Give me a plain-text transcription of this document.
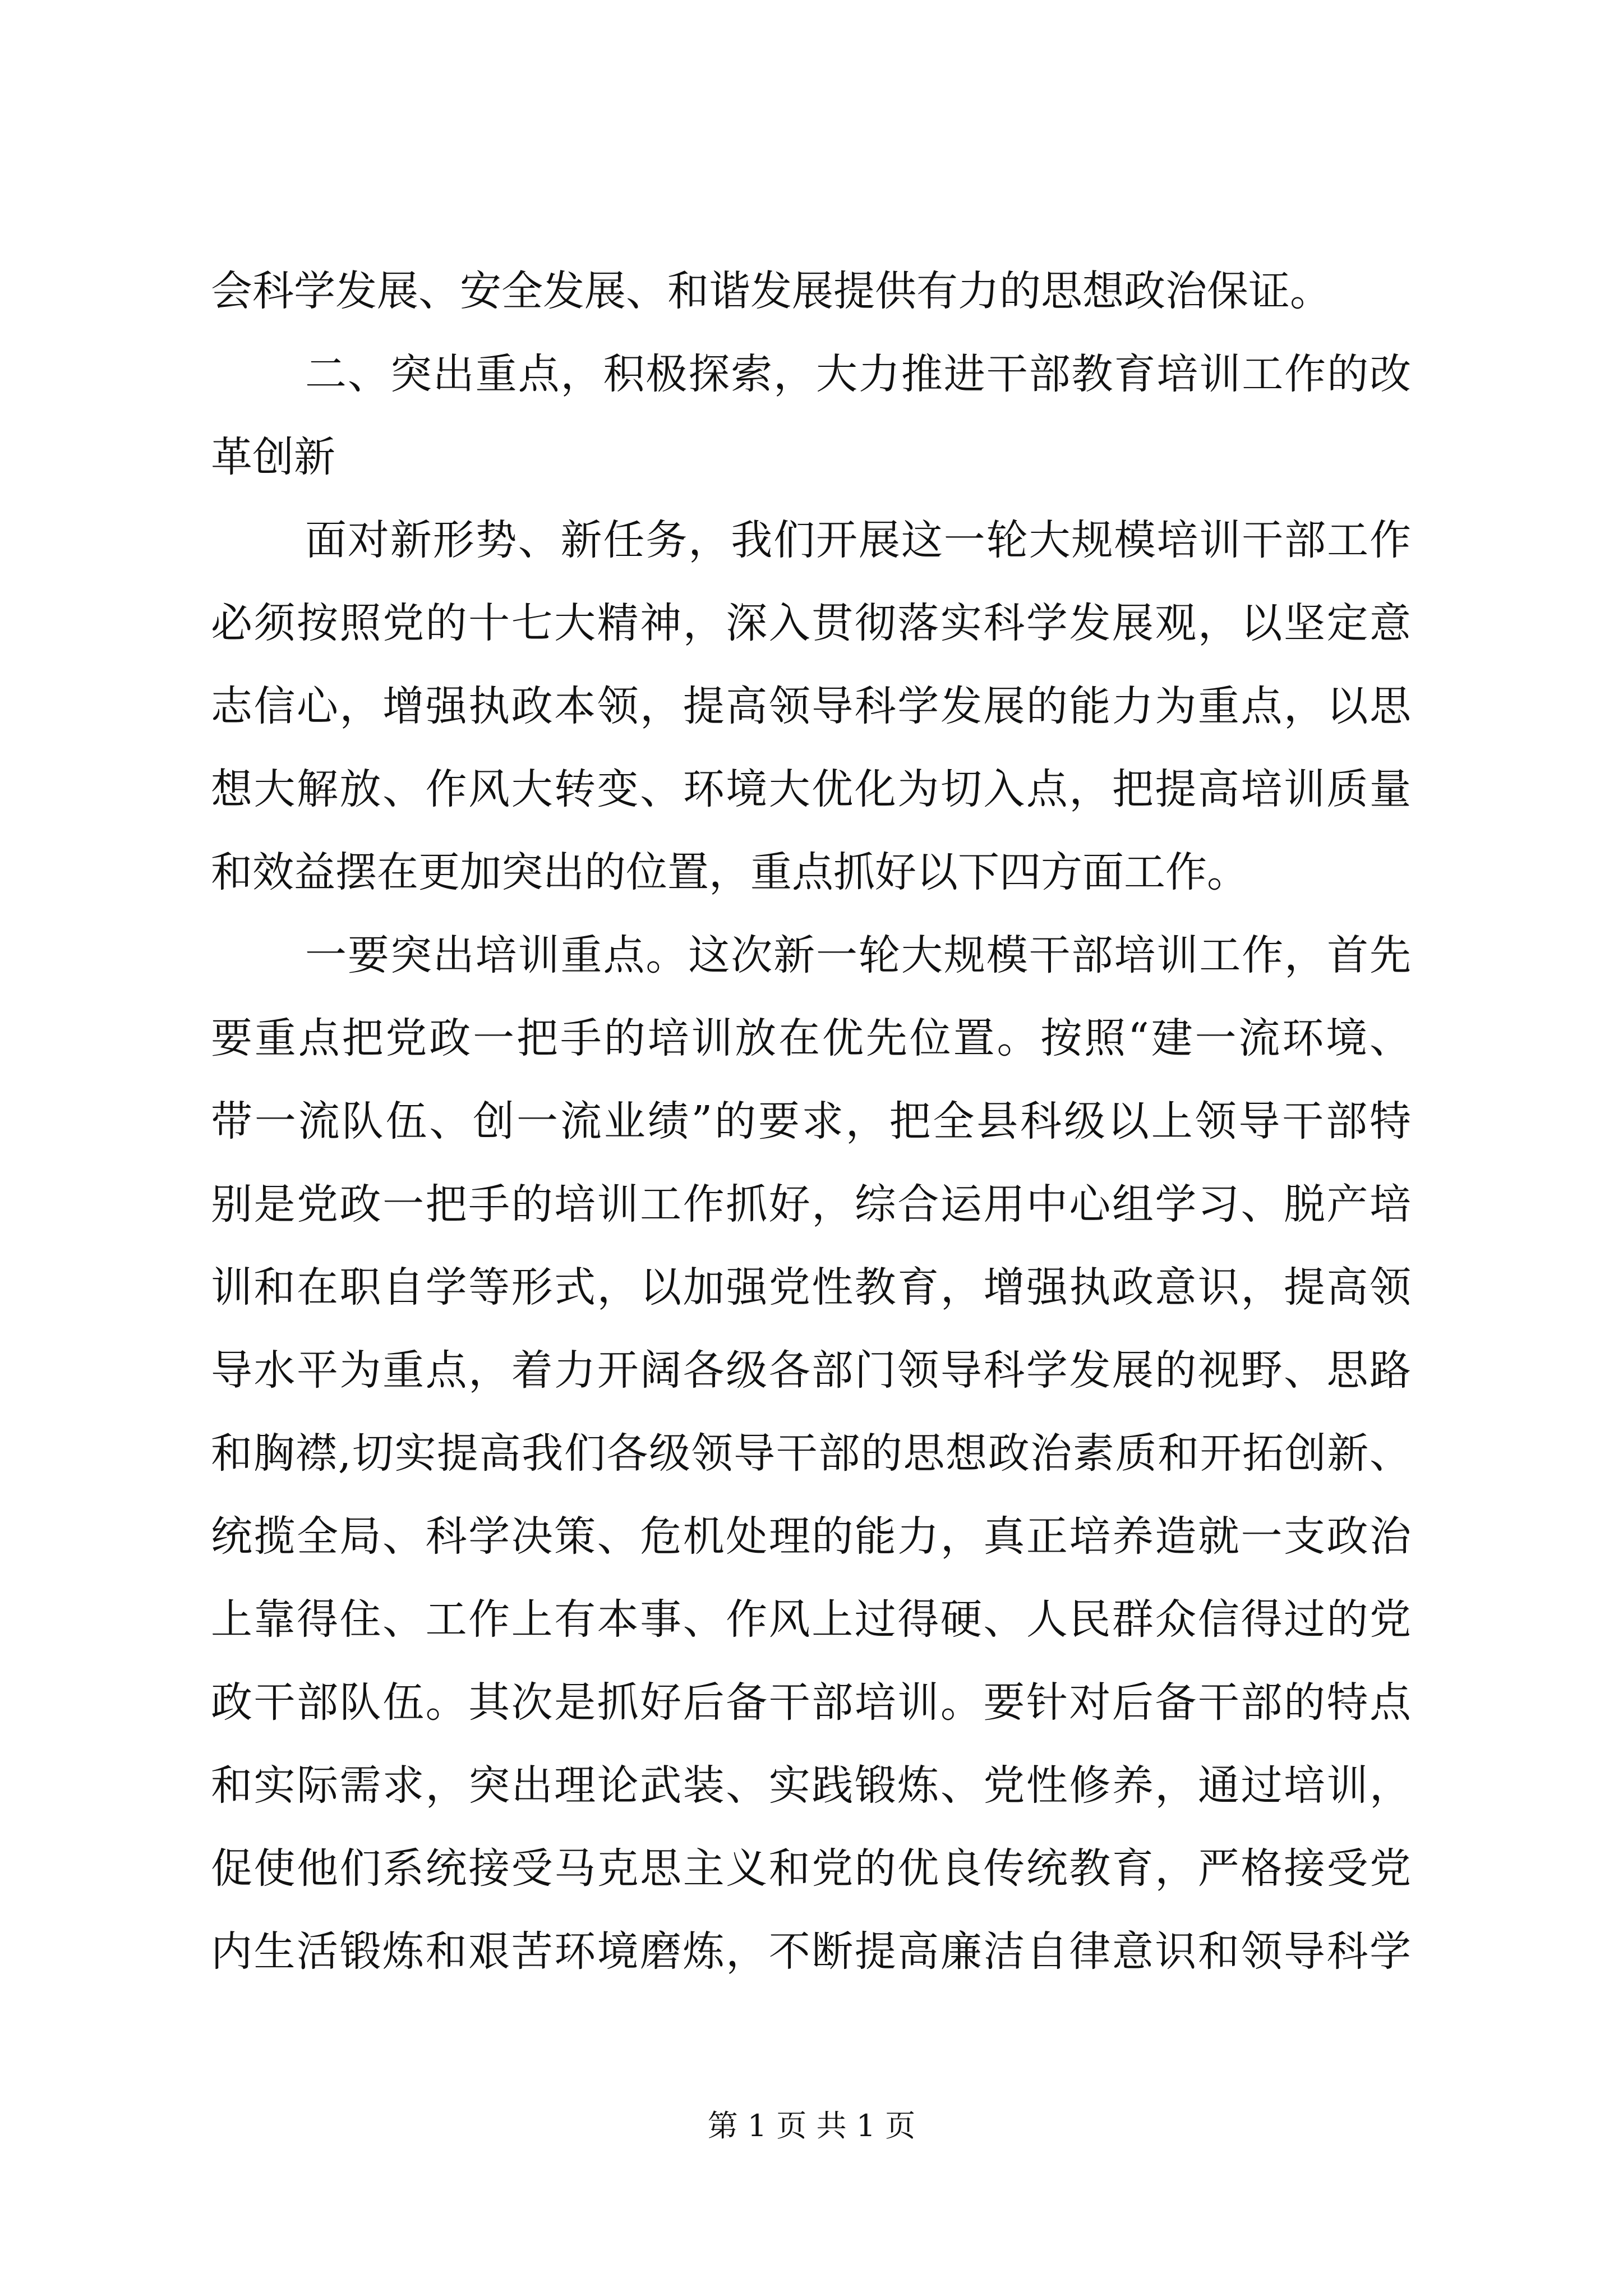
会科学发展、安全发展、和谐发展提供有力的思想政治保证。
二、突出重点，积极探索，大力推进干部教育培训工作的改
革创新
面对新形势、新任务，我们开展这一轮大规模培训干部工作
必须按照党的十七大精神，深入贯彻落实科学发展观，以坚定意
志信心，增强执政本领，提高领导科学发展的能力为重点，以思
想大解放、作风大转变、环境大优化为切入点，把提高培训质量
和效益摆在更加突出的位置，重点抓好以下四方面工作。
一要突出培训重点。这次新一轮大规模干部培训工作，首先
要重点把党政一把手的培训放在优先位置。按照“建一流环境、
带一流队伍、创一流业绩”的要求，把全县科级以上领导干部特
别是党政一把手的培训工作抓好，综合运用中心组学习、脱产培
训和在职自学等形式，以加强党性教育，增强执政意识，提高领
导水平为重点，着力开阔各级各部门领导科学发展的视野、思路
和胸襟,切实提高我们各级领导干部的思想政治素质和开拓创新、
统揽全局、科学决策、危机处理的能力，真正培养造就一支政治
上靠得住、工作上有本事、作风上过得硬、人民群众信得过的党
政干部队伍。其次是抓好后备干部培训。要针对后备干部的特点
和实际需求，突出理论武装、实践锻炼、党性修养，通过培训，
促使他们系统接受马克思主义和党的优良传统教育，严格接受党
内生活锻炼和艰苦环境磨炼，不断提高廉洁自律意识和领导科学
第 1 页 共 1 页
